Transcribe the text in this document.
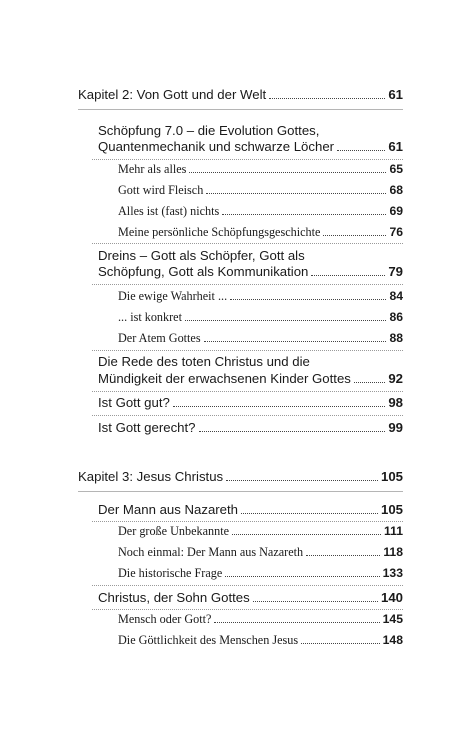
Kapitel 2: Von Gott und der Welt	61
Schöpfung 7.0 – die Evolution Gottes,
Quantenmechanik und schwarze Löcher	61
Mehr als alles	65
Gott wird Fleisch	68
Alles ist (fast) nichts	69
Meine persönliche Schöpfungsgeschichte	76
Dreins – Gott als Schöpfer, Gott als
Schöpfung, Gott als Kommunikation	79
Die ewige Wahrheit ...	84
... ist konkret	86
Der Atem Gottes	88
Die Rede des toten Christus und die
Mündigkeit der erwachsenen Kinder Gottes	92
Ist Gott gut?	98
Ist Gott gerecht?	99
Kapitel 3: Jesus Christus	105
Der Mann aus Nazareth	105
Der große Unbekannte	111
Noch einmal: Der Mann aus Nazareth	118
Die historische Frage	133
Christus, der Sohn Gottes	140
Mensch oder Gott?	145
Die Göttlichkeit des Menschen Jesus	148
